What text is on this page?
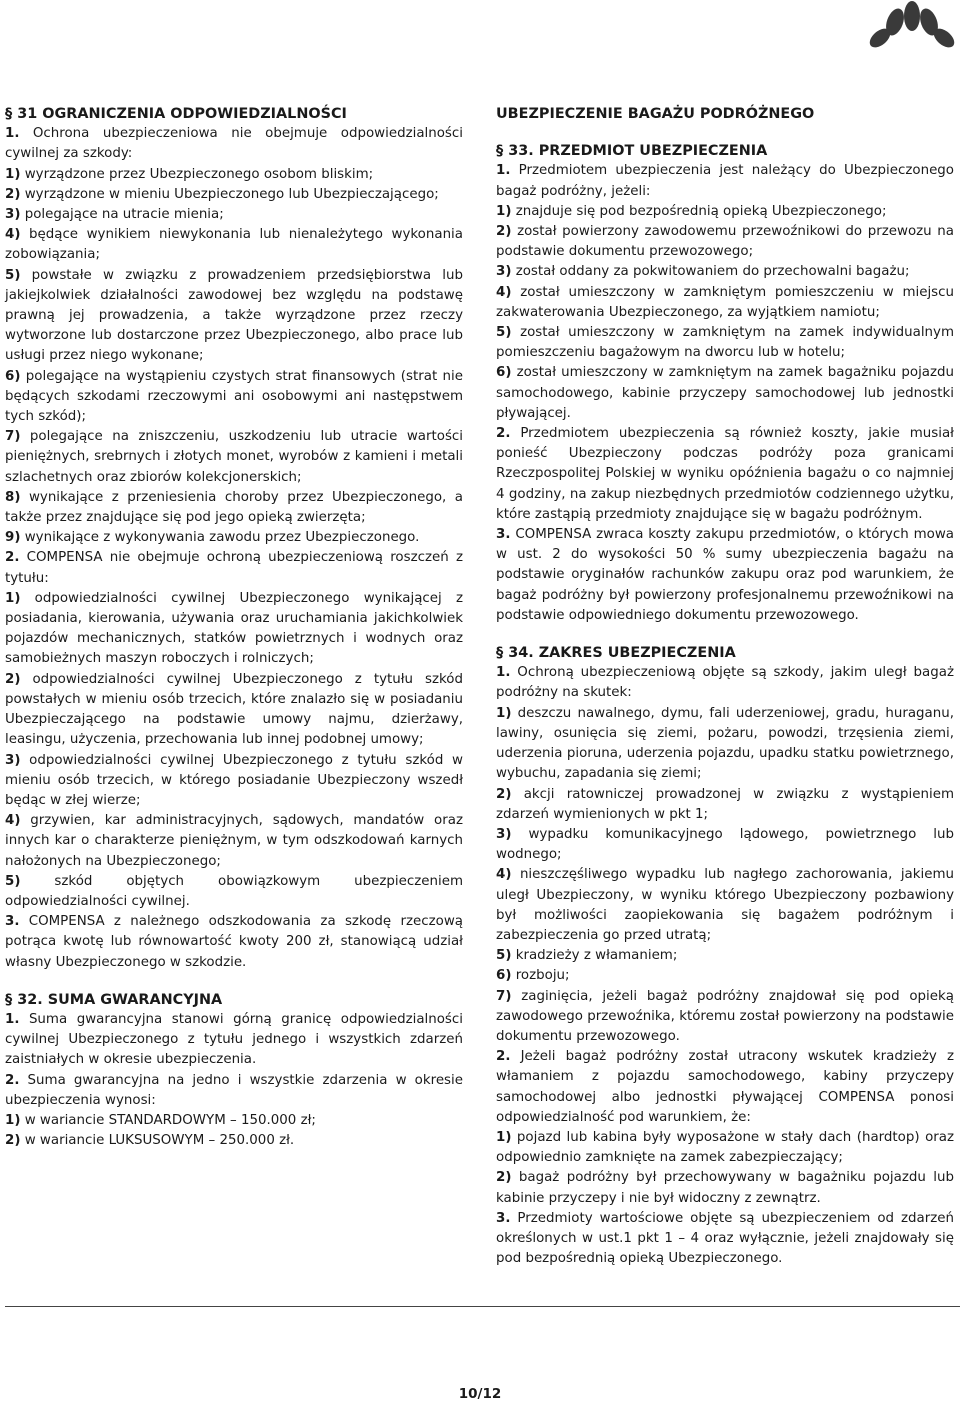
§ 31 OGRANICZENIA ODPOWIEDZIALNOŚCI

1. Ochrona ubezpieczeniowa nie obejmuje odpowiedzialności cywilnej za szkody:

1) wyrządzone przez Ubezpieczonego osobom bliskim;

2) wyrządzone w mieniu Ubezpieczonego lub Ubezpieczającego;

3) polegające na utracie mienia;

4) będące wynikiem niewykonania lub nienależytego wykonania zobowiązania;

5) powstałe w związku z prowadzeniem przedsiębiorstwa lub jakiejkolwiek działalności zawodowej bez względu na podstawę prawną jej prowadzenia, a także wyrządzone przez rzeczy wytworzone lub dostarczone przez Ubezpieczonego, albo prace lub usługi przez niego wykonane;

6) polegające na wystąpieniu czystych strat finansowych (strat nie będących szkodami rzeczowymi ani osobowymi ani następstwem tych szkód);

7) polegające na zniszczeniu, uszkodzeniu lub utracie wartości pieniężnych, srebrnych i złotych monet, wyrobów z kamieni i metali szlachetnych oraz zbiorów kolekcjonerskich;

8) wynikające z przeniesienia choroby przez Ubezpieczonego, a także przez znajdujące się pod jego opieką zwierzęta;

9) wynikające z wykonywania zawodu przez Ubezpieczonego.

2. COMPENSA nie obejmuje ochroną ubezpieczeniową roszczeń z tytułu:

1) odpowiedzialności cywilnej Ubezpieczonego wynikającej z posiadania, kierowania, używania oraz uruchamiania jakichkolwiek pojazdów mechanicznych, statków powietrznych i wodnych oraz samobieżnych maszyn roboczych i rolniczych;

2) odpowiedzialności cywilnej Ubezpieczonego z tytułu szkód powstałych w mieniu osób trzecich, które znalazło się w posiadaniu Ubezpieczającego na podstawie umowy najmu, dzierżawy, leasingu, użyczenia, przechowania lub innej podobnej umowy;

3) odpowiedzialności cywilnej Ubezpieczonego z tytułu szkód w mieniu osób trzecich, w którego posiadanie Ubezpieczony wszedł będąc w złej wierze;

4) grzywien, kar administracyjnych, sądowych, mandatów oraz innych kar o charakterze pieniężnym, w tym odszkodowań karnych nałożonych na Ubezpieczonego;

5)	szkód objętych obowiązkowym ubezpieczeniem odpowiedzialności cywilnej.

3. COMPENSA z należnego odszkodowania za szkodę rzeczową potrąca kwotę lub równowartość kwoty 200 zł, stanowiącą udział własny Ubezpieczonego w szkodzie.

§ 32. SUMA GWARANCYJNA

1. Suma gwarancyjna stanowi górną granicę odpowiedzialności cywilnej Ubezpieczonego z tytułu jednego i wszystkich zdarzeń zaistniałych w okresie ubezpieczenia.

2. Suma gwarancyjna na jedno i wszystkie zdarzenia w okresie ubezpieczenia wynosi:

1) w wariancie STANDARDOWYM – 150.000 zł;

2) w wariancie LUKSUSOWYM – 250.000 zł.

UBEZPIECZENIE BAGAŻU PODRÓŻNEGO
§ 33. PRZEDMIOT UBEZPIECZENIA

1. Przedmiotem ubezpieczenia jest należący do Ubezpieczonego bagaż podróżny, jeżeli:

1) znajduje się pod bezpośrednią opieką Ubezpieczonego;

2) został powierzony zawodowemu przewoźnikowi do przewozu na podstawie dokumentu przewozowego;

3) został oddany za pokwitowaniem do przechowalni bagażu;

4) został umieszczony w zamkniętym pomieszczeniu w miejscu zakwaterowania Ubezpieczonego, za wyjątkiem namiotu;

5) został umieszczony w zamkniętym na zamek indywidualnym pomieszczeniu bagażowym na dworcu lub w hotelu;

6) został umieszczony w zamkniętym na zamek bagażniku pojazdu samochodowego, kabinie przyczepy samochodowej lub jednostki pływającej.

2. Przedmiotem ubezpieczenia są również koszty, jakie musiał ponieść Ubezpieczony podczas podróży poza granicami Rzeczpospolitej Polskiej w wyniku opóźnienia bagażu o co najmniej 4 godziny, na zakup niezbędnych przedmiotów codziennego użytku, które zastąpią przedmioty znajdujące się w bagażu podróżnym.

3. COMPENSA zwraca koszty zakupu przedmiotów, o których mowa w ust. 2 do wysokości 50 % sumy ubezpieczenia bagażu na podstawie oryginałów rachunków zakupu oraz pod warunkiem, że bagaż podróżny był powierzony profesjonalnemu przewoźnikowi na podstawie odpowiedniego dokumentu przewozowego.

§ 34. ZAKRES UBEZPIECZENIA

1. Ochroną ubezpieczeniową objęte są szkody, jakim uległ bagaż podróżny na skutek:

1) deszczu nawalnego, dymu, fali uderzeniowej, gradu, huraganu, lawiny, osunięcia się ziemi, pożaru, powodzi, trzęsienia ziemi, uderzenia pioruna, uderzenia pojazdu, upadku statku powietrznego, wybuchu, zapadania się ziemi;

2) akcji ratowniczej prowadzonej w związku z wystąpieniem zdarzeń wymienionych w pkt 1;

3) wypadku komunikacyjnego lądowego, powietrznego lub wodnego;

4) nieszczęśliwego wypadku lub nagłego zachorowania, jakiemu uległ Ubezpieczony, w wyniku którego Ubezpieczony pozbawiony był możliwości zaopiekowania się bagażem podróżnym i zabezpieczenia go przed utratą;

5) kradzieży z włamaniem;

6) rozboju;

7) zaginięcia, jeżeli bagaż podróżny znajdował się pod opieką zawodowego przewoźnika, któremu został powierzony na podstawie dokumentu przewozowego.

2. Jeżeli bagaż podróżny został utracony wskutek kradzieży z włamaniem z pojazdu samochodowego, kabiny przyczepy samochodowej albo jednostki pływającej COMPENSA ponosi odpowiedzialność pod warunkiem, że:

1) pojazd lub kabina były wyposażone w stały dach (hardtop) oraz odpowiednio zamknięte na zamek zabezpieczający;

2) bagaż podróżny był przechowywany w bagażniku pojazdu lub kabinie przyczepy i nie był widoczny z zewnątrz.

3. Przedmioty wartościowe objęte są ubezpieczeniem od zdarzeń określonych w ust.1 pkt 1 – 4 oraz wyłącznie, jeżeli znajdowały się pod bezpośrednią opieką Ubezpieczonego.

10/12
